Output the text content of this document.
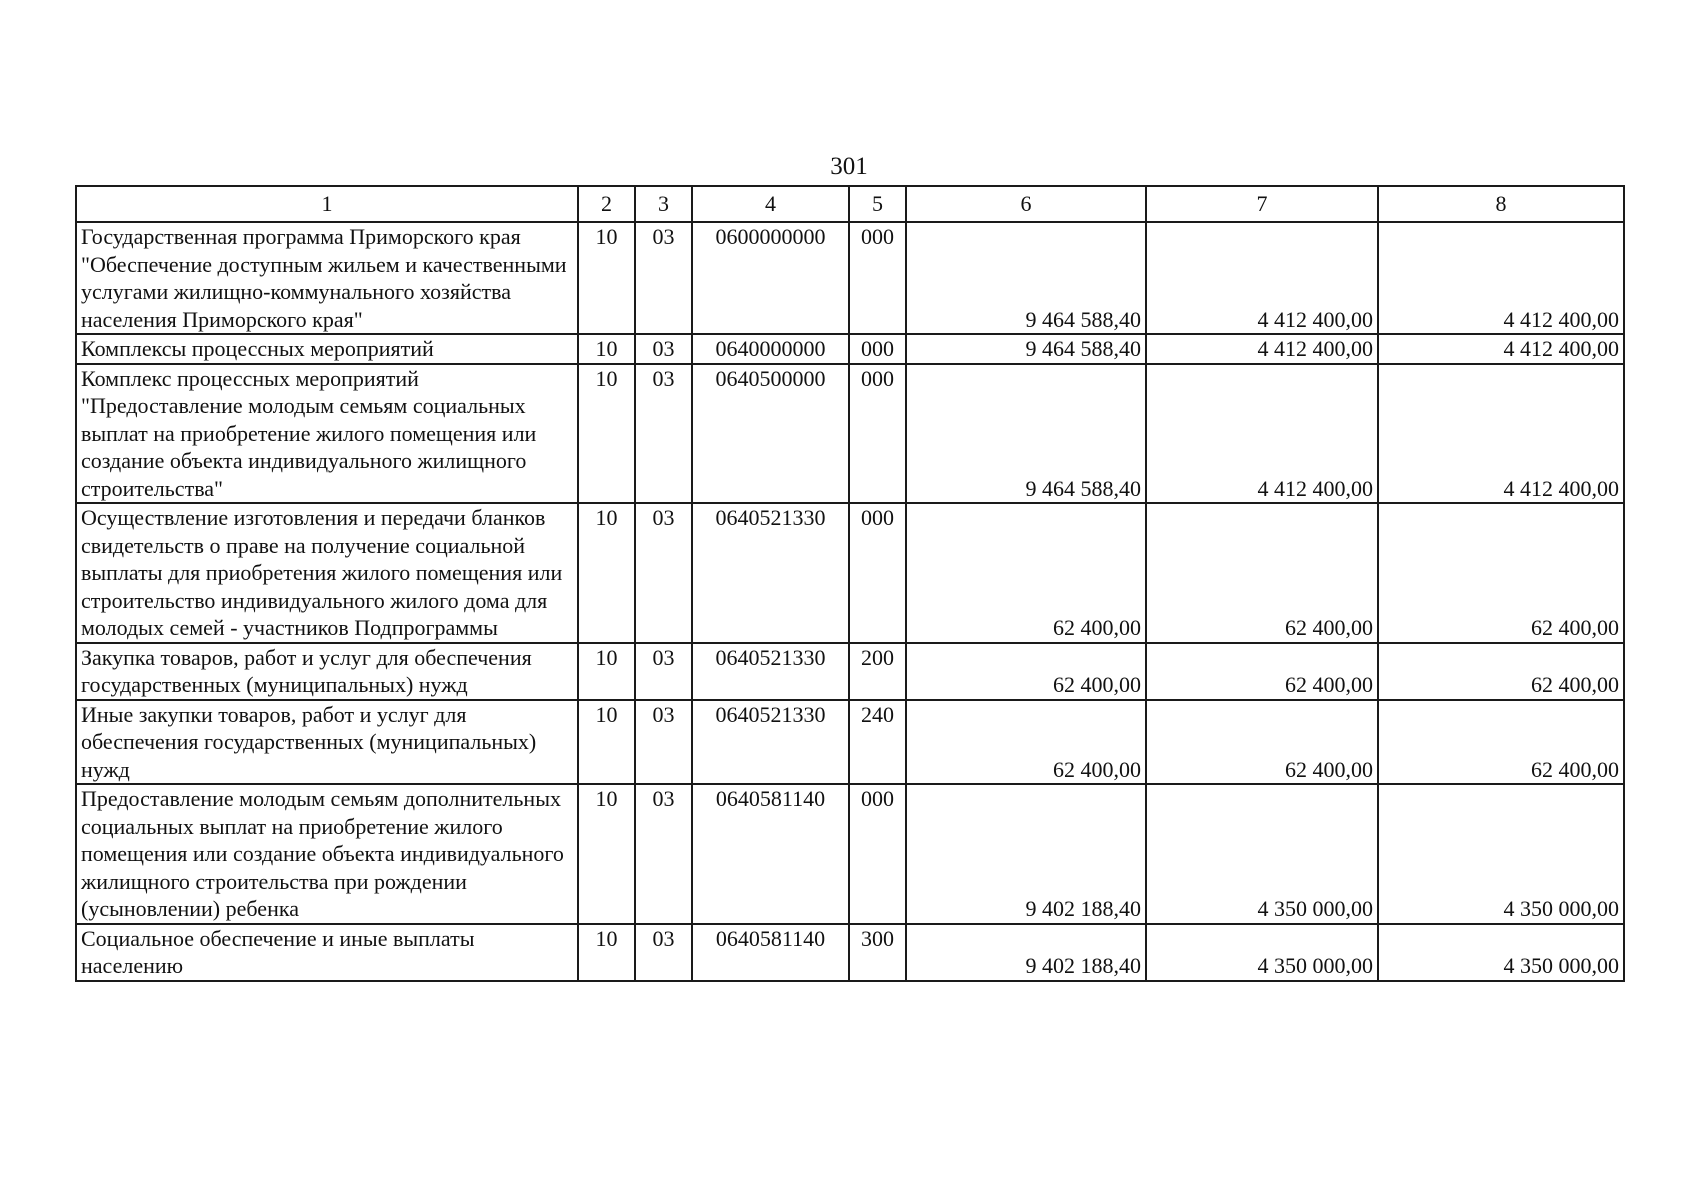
301
1	2	3	4	5	6	7	8
Государственная программа Приморского края "Обеспечение доступным жильем и качественными услугами жилищно-коммунального хозяйства населения Приморского края"	10	03	0600000000	000	9 464 588,40	4 412 400,00	4 412 400,00
Комплексы процессных мероприятий	10	03	0640000000	000	9 464 588,40	4 412 400,00	4 412 400,00
Комплекс процессных мероприятий "Предоставление молодым семьям социальных выплат на приобретение жилого помещения или создание объекта индивидуального жилищного строительства"	10	03	0640500000	000	9 464 588,40	4 412 400,00	4 412 400,00
Осуществление изготовления и передачи бланков свидетельств о праве на получение социальной выплаты для приобретения жилого помещения или строительство индивидуального жилого дома для молодых семей - участников Подпрограммы	10	03	0640521330	000	62 400,00	62 400,00	62 400,00
Закупка товаров, работ и услуг для обеспечения государственных (муниципальных) нужд	10	03	0640521330	200	62 400,00	62 400,00	62 400,00
Иные закупки товаров, работ и услуг для обеспечения государственных (муниципальных) нужд	10	03	0640521330	240	62 400,00	62 400,00	62 400,00
Предоставление молодым семьям дополнительных социальных выплат на приобретение жилого помещения или создание объекта индивидуального жилищного строительства при рождении (усыновлении) ребенка	10	03	0640581140	000	9 402 188,40	4 350 000,00	4 350 000,00
Социальное обеспечение и иные выплаты населению	10	03	0640581140	300	9 402 188,40	4 350 000,00	4 350 000,00
